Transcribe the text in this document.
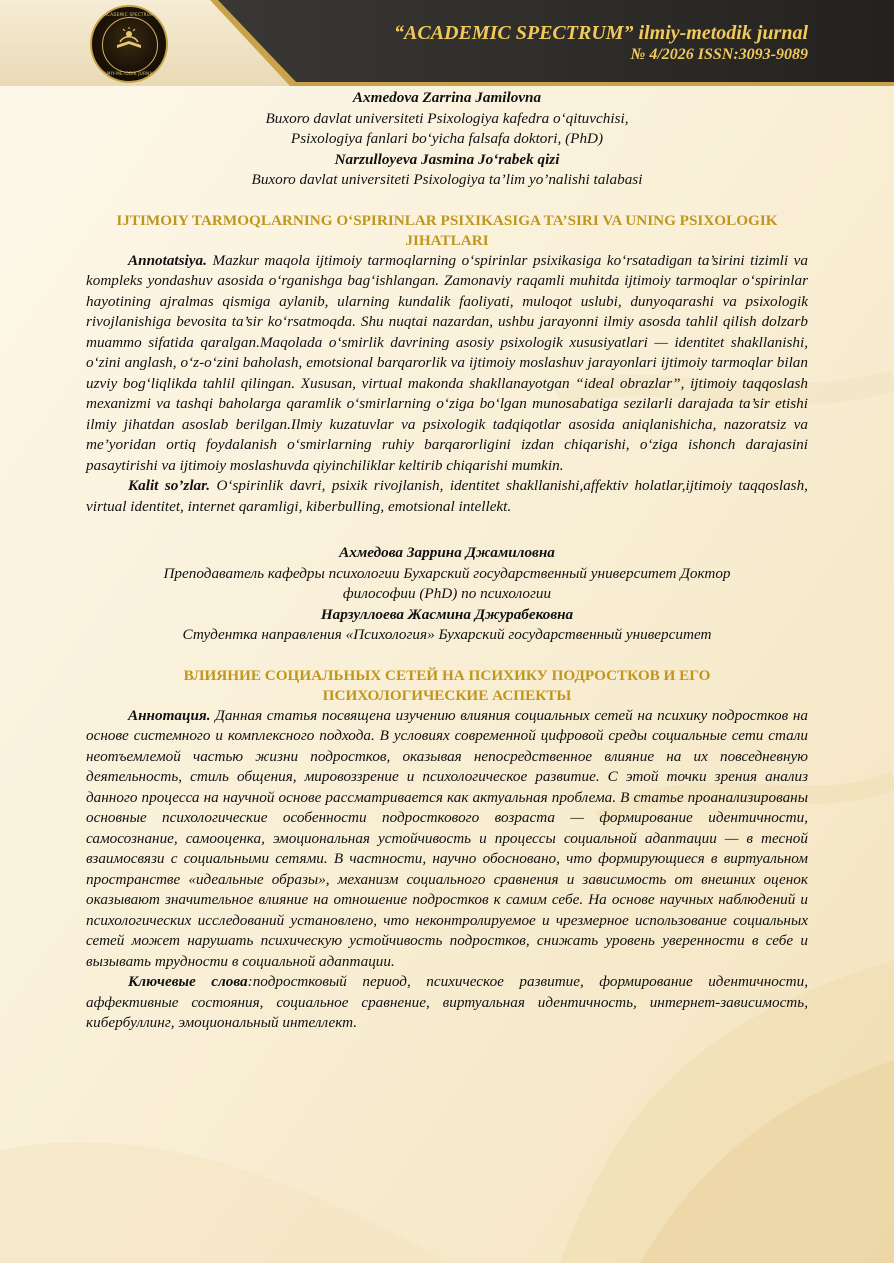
ACADEMIC SPECTRUM
ILMIY-METODIK JURNAL
“ACADEMIC SPECTRUM” ilmiy-metodik jurnal
№ 4/2026 ISSN:3093-9089
Axmedova Zarrina Jamilovna
Buxoro davlat universiteti Psixologiya kafedra o‘qituvchisi,
Psixologiya fanlari bo‘yicha falsafa doktori, (PhD)
Narzulloyeva Jasmina Jo‘rabek qizi
Buxoro davlat universiteti Psixologiya ta’lim yo’nalishi talabasi
IJTIMOIY TARMOQLARNING O‘SPIRINLAR PSIXIKASIGA TA’SIRI VA UNING PSIXOLOGIK JIHATLARI

Annotatsiya. Mazkur maqola ijtimoiy tarmoqlarning o‘spirinlar psixikasiga ko‘rsatadigan ta’sirini tizimli va kompleks yondashuv asosida o‘rganishga bag‘ishlangan. Zamonaviy raqamli muhitda ijtimoiy tarmoqlar o‘spirinlar hayotining ajralmas qismiga aylanib, ularning kundalik faoliyati, muloqot uslubi, dunyoqarashi va psixologik rivojlanishiga bevosita ta’sir ko‘rsatmoqda. Shu nuqtai nazardan, ushbu jarayonni ilmiy asosda tahlil qilish dolzarb muammo sifatida qaralgan.Maqolada o‘smirlik davrining asosiy psixologik xususiyatlari — identitet shakllanishi, o‘zini anglash, o‘z-o‘zini baholash, emotsional barqarorlik va ijtimoiy moslashuv jarayonlari ijtimoiy tarmoqlar bilan uzviy bog‘liqlikda tahlil qilingan. Xususan, virtual makonda shakllanayotgan “ideal obrazlar”, ijtimoiy taqqoslash mexanizmi va tashqi baholarga qaramlik o‘smirlarning o‘ziga bo‘lgan munosabatiga sezilarli darajada ta’sir etishi ilmiy jihatdan asoslab berilgan.Ilmiy kuzatuvlar va psixologik tadqiqotlar asosida aniqlanishicha, nazoratsiz va me’yoridan ortiq foydalanish o‘smirlarning ruhiy barqarorligini izdan chiqarishi, o‘ziga ishonch darajasini pasaytirishi va ijtimoiy moslashuvda qiyinchiliklar keltirib chiqarishi mumkin.

Kalit so’zlar. O‘spirinlik davri, psixik rivojlanish, identitet shakllanishi,affektiv holatlar,ijtimoiy taqqoslash, virtual identitet, internet qaramligi, kiberbulling, emotsional intellekt.

Ахмедова Заррина Джамиловна
Преподаватель кафедры психологии Бухарский государственный университет Доктор
философии (PhD) по психологии
Нарзуллоева Жасмина Джурабековна
Студентка направления «Психология» Бухарский государственный университет
ВЛИЯНИЕ СОЦИАЛЬНЫХ СЕТЕЙ НА ПСИХИКУ ПОДРОСТКОВ И ЕГО ПСИХОЛОГИЧЕСКИЕ АСПЕКТЫ

Аннотация. Данная статья посвящена изучению влияния социальных сетей на психику подростков на основе системного и комплексного подхода. В условиях современной цифровой среды социальные сети стали неотъемлемой частью жизни подростков, оказывая непосредственное влияние на их повседневную деятельность, стиль общения, мировоззрение и психологическое развитие. С этой точки зрения анализ данного процесса на научной основе рассматривается как актуальная проблема. В статье проанализированы основные психологические особенности подросткового возраста — формирование идентичности, самосознание, самооценка, эмоциональная устойчивость и процессы социальной адаптации — в тесной взаимосвязи с социальными сетями. В частности, научно обосновано, что формирующиеся в виртуальном пространстве «идеальные образы», механизм социального сравнения и зависимость от внешних оценок оказывают значительное влияние на отношение подростков к самим себе. На основе научных наблюдений и психологических исследований установлено, что неконтролируемое и чрезмерное использование социальных сетей может нарушать психическую устойчивость подростков, снижать уровень уверенности в себе и вызывать трудности в социальной адаптации.

Ключевые слова:подростковый период, психическое развитие, формирование идентичности, аффективные состояния, социальное сравнение, виртуальная идентичность, интернет-зависимость, кибербуллинг, эмоциональный интеллект.
